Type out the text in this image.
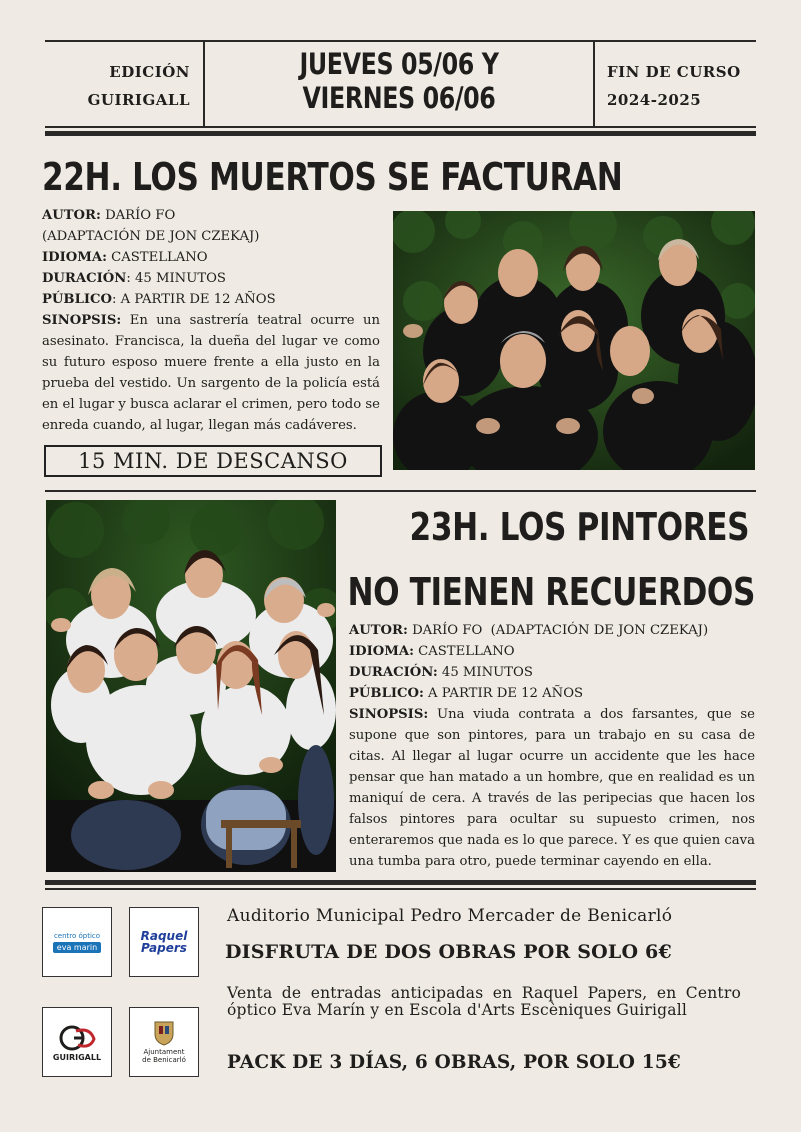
EDICIÓN
GUIRIGALL
JUEVES 05/06 Y
VIERNES 06/06
FIN DE CURSO
2024-2025
22H. LOS MUERTOS SE FACTURAN
AUTOR: DARÍO FO
(ADAPTACIÓN DE JON CZEKAJ)
IDIOMA: CASTELLANO
DURACIÓN: 45 MINUTOS
PÚBLICO: A PARTIR DE 12 AÑOS
SINOPSIS: En una sastrería teatral ocurre un asesinato. Francisca, la dueña del lugar ve como su futuro esposo muere frente a ella justo en la prueba del vestido. Un sargento de la policía está en el lugar y busca aclarar el crimen, pero todo se enreda cuando, al lugar, llegan más cadáveres.
15 MIN. DE DESCANSO
23H. LOS PINTORES
NO TIENEN RECUERDOS
AUTOR: DARÍO FO  (ADAPTACIÓN DE JON CZEKAJ)
IDIOMA: CASTELLANO
DURACIÓN: 45 MINUTOS
PÚBLICO: A PARTIR DE 12 AÑOS
SINOPSIS: Una viuda contrata a dos farsantes, que se supone que son pintores, para un trabajo en su casa de citas. Al llegar al lugar ocurre un accidente que les hace pensar que han matado a un hombre, que en realidad es un maniquí de cera. A través de las peripecias que hacen los falsos pintores para ocultar su supuesto crimen, nos enteraremos que nada es lo que parece. Y es que quien cava una tumba para otro, puede terminar cayendo en ella.
centro óptico
eva marin
Raquel
Papers
GUIRIGALL
Ajuntament
de Benicarló
Auditorio Municipal Pedro Mercader de Benicarló
DISFRUTA DE DOS OBRAS POR SOLO 6€
Venta de entradas anticipadas en Raquel Papers, en Centro óptico Eva Marín y en Escola d'Arts Escèniques Guirigall
PACK DE 3 DÍAS, 6 OBRAS, POR SOLO 15€
